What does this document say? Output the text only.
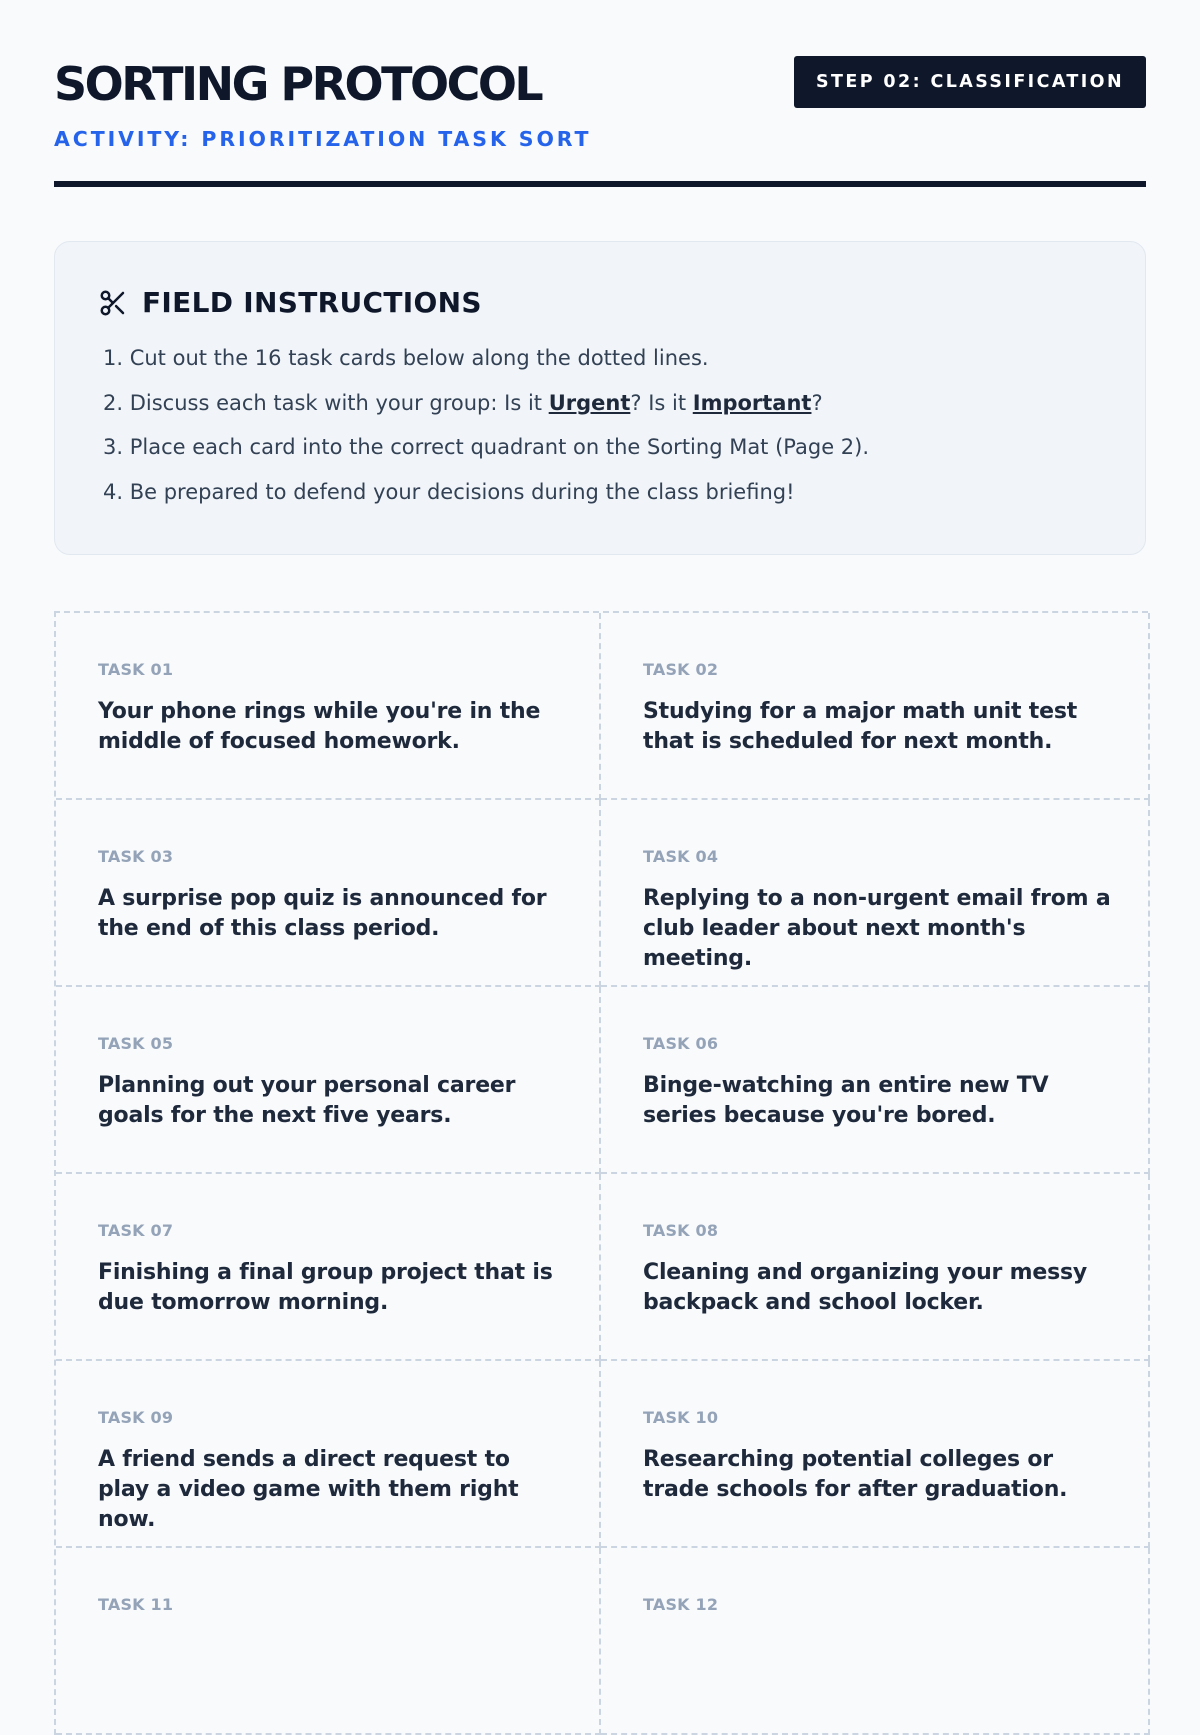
SORTING PROTOCOL
ACTIVITY: PRIORITIZATION TASK SORT
STEP 02: CLASSIFICATION
FIELD INSTRUCTIONS
1. Cut out the 16 task cards below along the dotted lines.
2. Discuss each task with your group: Is it Urgent? Is it Important?
3. Place each card into the correct quadrant on the Sorting Mat (Page 2).
4. Be prepared to defend your decisions during the class briefing!
TASK 01
Your phone rings while you're in the middle of focused homework.
TASK 02
Studying for a major math unit test that is scheduled for next month.
TASK 03
A surprise pop quiz is announced for the end of this class period.
TASK 04
Replying to a non-urgent email from a club leader about next month's meeting.
TASK 05
Planning out your personal career goals for the next five years.
TASK 06
Binge-watching an entire new TV series because you're bored.
TASK 07
Finishing a final group project that is due tomorrow morning.
TASK 08
Cleaning and organizing your messy backpack and school locker.
TASK 09
A friend sends a direct request to play a video game with them right now.
TASK 10
Researching potential colleges or trade schools for after graduation.
TASK 11	TASK 12
